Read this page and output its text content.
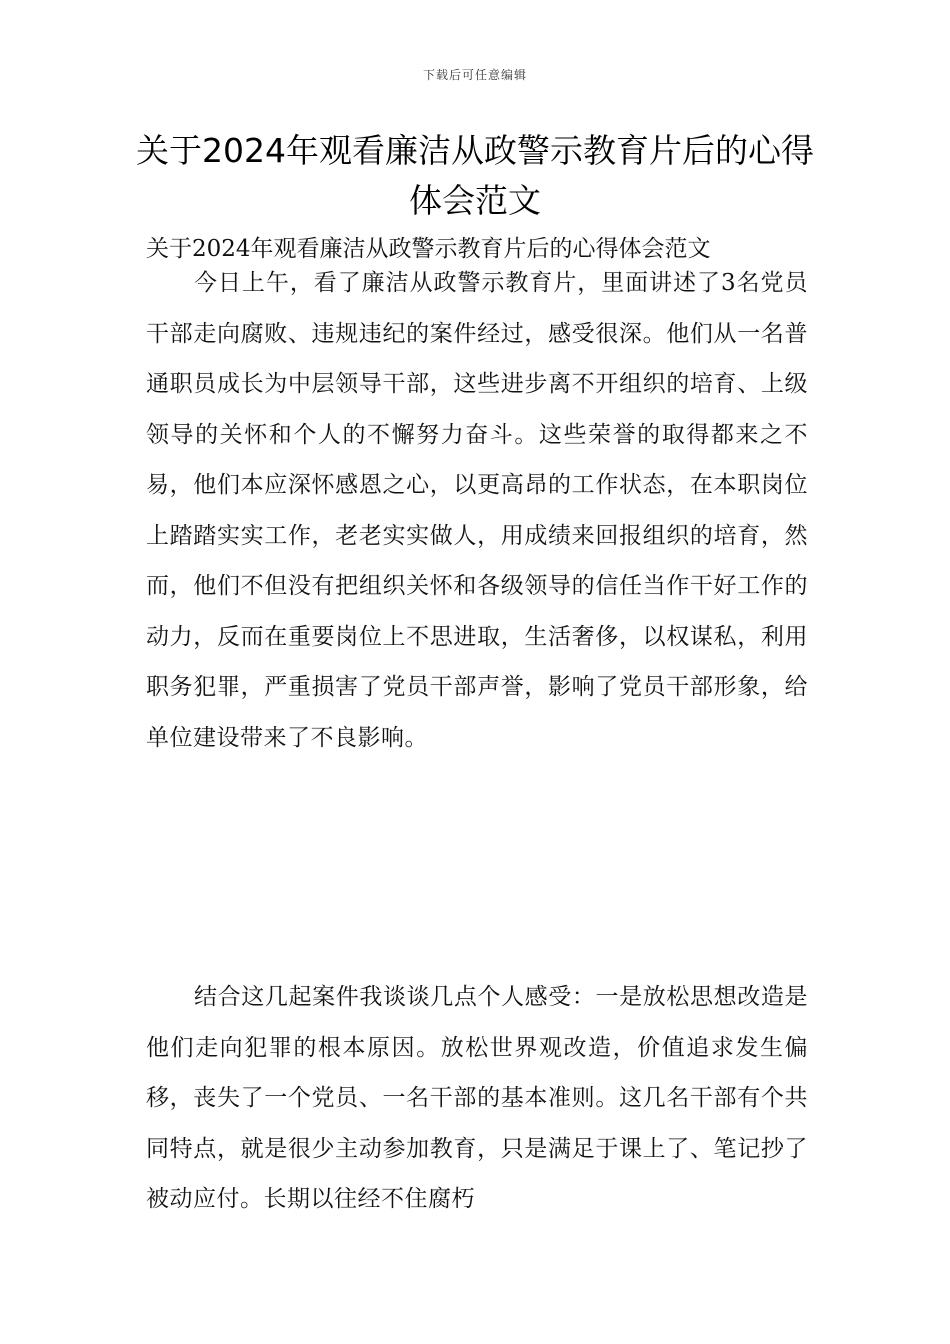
下载后可任意编辑
关于2024年观看廉洁从政警示教育片后的心得体会范文

关于2024年观看廉洁从政警示教育片后的心得体会范文

今日上午，看了廉洁从政警示教育片，里面讲述了3名党员干部走向腐败、违规违纪的案件经过，感受很深。他们从一名普通职员成长为中层领导干部，这些进步离不开组织的培育、上级领导的关怀和个人的不懈努力奋斗。这些荣誉的取得都来之不易，他们本应深怀感恩之心，以更高昂的工作状态，在本职岗位上踏踏实实工作，老老实实做人，用成绩来回报组织的培育，然而，他们不但没有把组织关怀和各级领导的信任当作干好工作的动力，反而在重要岗位上不思进取，生活奢侈，以权谋私，利用职务犯罪，严重损害了党员干部声誉，影响了党员干部形象，给单位建设带来了不良影响。

结合这几起案件我谈谈几点个人感受：一是放松思想改造是他们走向犯罪的根本原因。放松世界观改造，价值追求发生偏移，丧失了一个党员、一名干部的基本准则。这几名干部有个共同特点，就是很少主动参加教育，只是满足于课上了、笔记抄了被动应付。长期以往经不住腐朽
